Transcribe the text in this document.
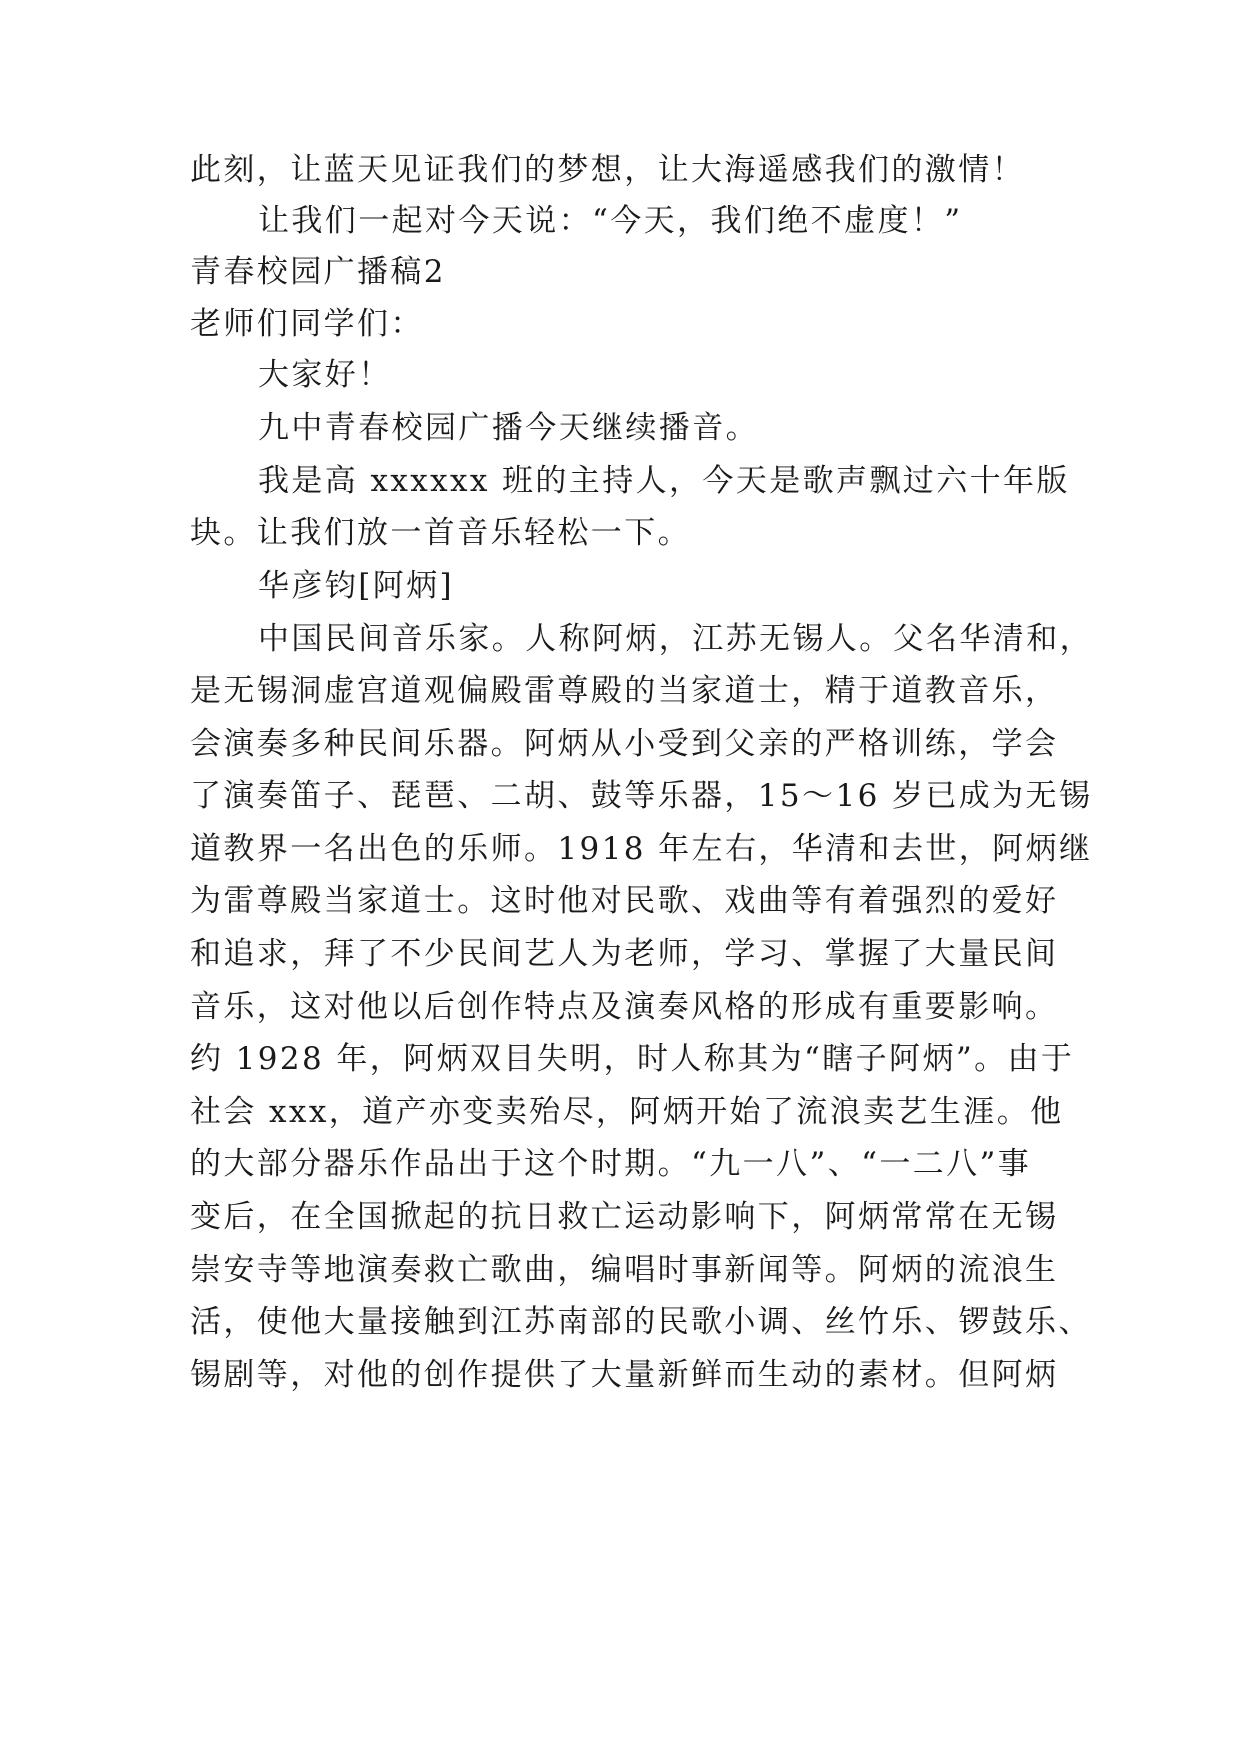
此刻，让蓝天见证我们的梦想，让大海遥感我们的激情！

让我们一起对今天说：“今天，我们绝不虚度！”

青春校园广播稿2

老师们同学们：

大家好！

九中青春校园广播今天继续播音。

我是高 xxxxxx 班的主持人，今天是歌声飘过六十年版

块。让我们放一首音乐轻松一下。

华彦钧[阿炳]

中国民间音乐家。人称阿炳，江苏无锡人。父名华清和，

是无锡洞虚宫道观偏殿雷尊殿的当家道士，精于道教音乐，

会演奏多种民间乐器。阿炳从小受到父亲的严格训练，学会

了演奏笛子、琵琶、二胡、鼓等乐器，15～16 岁已成为无锡

道教界一名出色的乐师。1918 年左右，华清和去世，阿炳继

为雷尊殿当家道士。这时他对民歌、戏曲等有着强烈的爱好

和追求，拜了不少民间艺人为老师，学习、掌握了大量民间

音乐，这对他以后创作特点及演奏风格的形成有重要影响。

约 1928 年，阿炳双目失明，时人称其为“瞎子阿炳”。由于

社会 xxx，道产亦变卖殆尽，阿炳开始了流浪卖艺生涯。他

的大部分器乐作品出于这个时期。“九一八”、“一二八”事

变后，在全国掀起的抗日救亡运动影响下，阿炳常常在无锡

崇安寺等地演奏救亡歌曲，编唱时事新闻等。阿炳的流浪生

活，使他大量接触到江苏南部的民歌小调、丝竹乐、锣鼓乐、

锡剧等，对他的创作提供了大量新鲜而生动的素材。但阿炳
